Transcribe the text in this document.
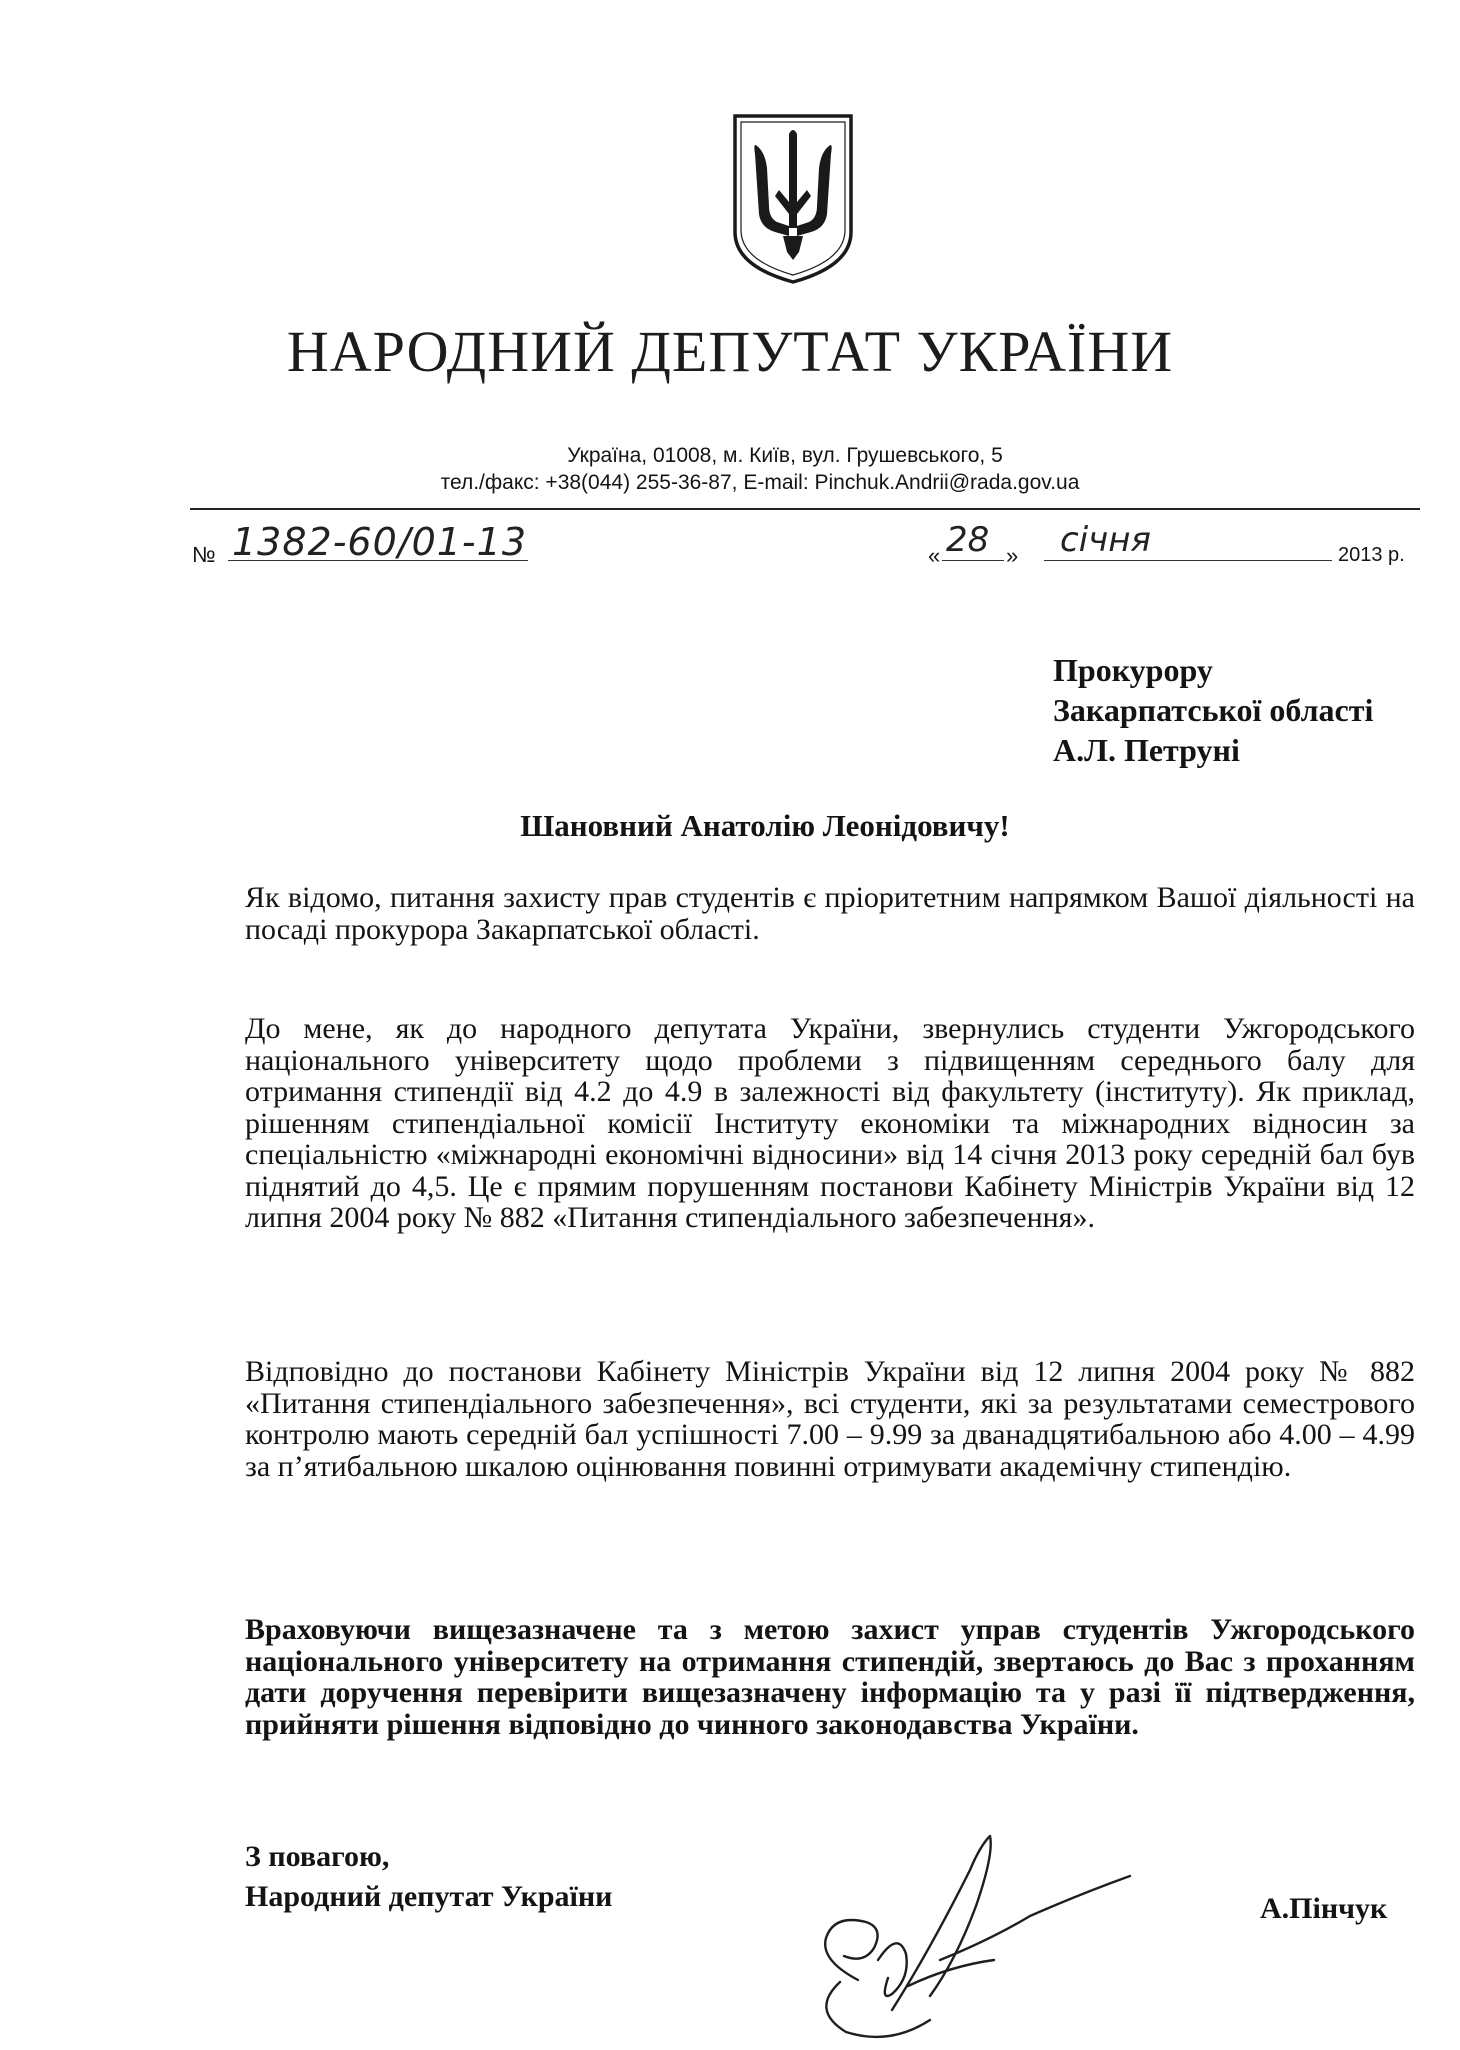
НАРОДНИЙ ДЕПУТАТ УКРАЇНИ
Україна, 01008, м. Київ, вул. Грушевського, 5
тел./факс: +38(044) 255-36-87, E-mail: Pinchuk.Andrii@rada.gov.ua
№ 1382-60/01-13	« 28 » січня	2013 р.
Прокурору
Закарпатської області
А.Л. Петруні
Шановний Анатолію Леонідовичу!
Як відомо, питання захисту прав студентів є пріоритетним напрямком Вашої діяльності на посаді прокурора Закарпатської області.
До мене, як до народного депутата України, звернулись студенти Ужгородського національного університету щодо проблеми з підвищенням середнього балу для отримання стипендії від 4.2 до 4.9 в залежності від факультету (інституту). Як приклад, рішенням стипендіальної комісії Інституту економіки та міжнародних відносин за спеціальністю «міжнародні економічні відносини» від 14 січня 2013 року середній бал був піднятий до 4,5. Це є прямим порушенням постанови Кабінету Міністрів України від 12 липня 2004 року № 882 «Питання стипендіального забезпечення».
Відповідно до постанови Кабінету Міністрів України від 12 липня 2004 року № 882 «Питання стипендіального забезпечення», всі студенти, які за результатами семестрового контролю мають середній бал успішності 7.00 – 9.99 за дванадцятибальною або 4.00 – 4.99 за п’ятибальною шкалою оцінювання повинні отримувати академічну стипендію.
Враховуючи вищезазначене та з метою захист управ студентів Ужгородського національного університету на отримання стипендій, звертаюсь до Вас з проханням дати доручення перевірити вищезазначену інформацію та у разі її підтвердження, прийняти рішення відповідно до чинного законодавства України.
З повагою,
Народний депутат України	А.Пінчук
